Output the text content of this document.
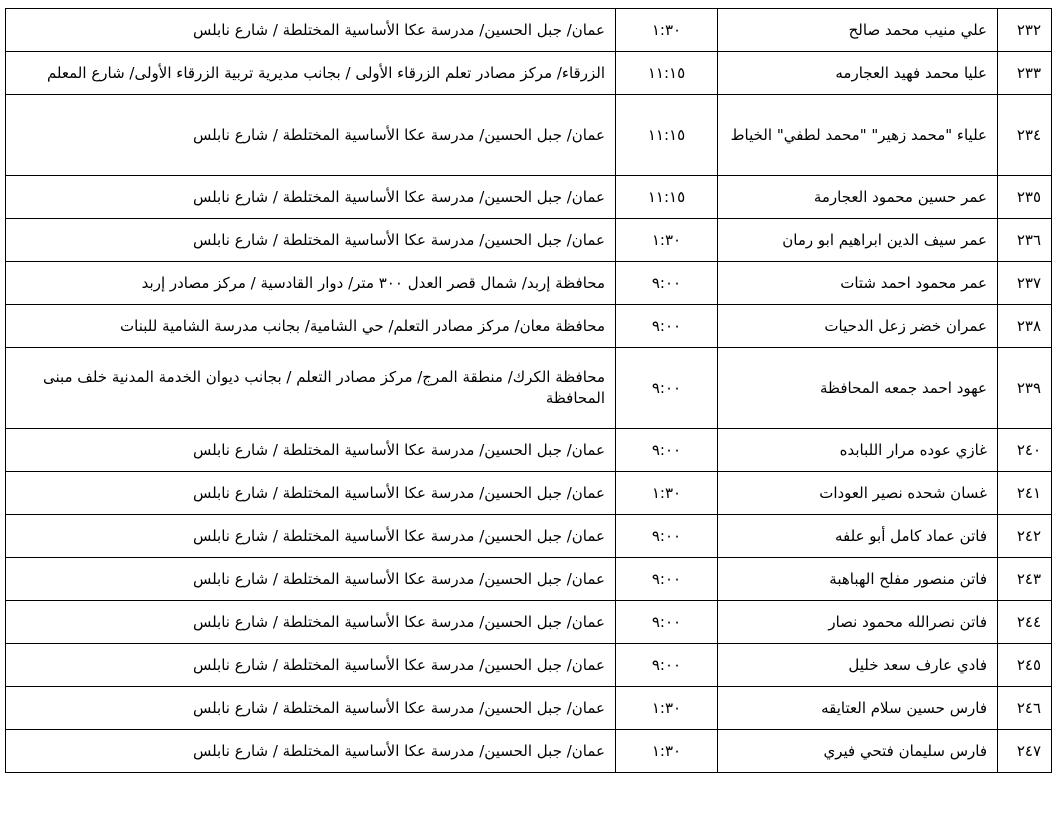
٢٣٢	علي منيب محمد صالح	١:٣٠	عمان/ جبل الحسين/ مدرسة عكا الأساسية المختلطة / شارع نابلس
٢٣٣	عليا محمد فهيد العجارمه	١١:١٥	الزرقاء/ مركز مصادر تعلم الزرقاء الأولى / بجانب مديرية تربية الزرقاء الأولى/ شارع المعلم
٢٣٤	علياء "محمد زهير" "محمد لطفي" الخياط	١١:١٥	عمان/ جبل الحسين/ مدرسة عكا الأساسية المختلطة / شارع نابلس
٢٣٥	عمر حسين محمود العجارمة	١١:١٥	عمان/ جبل الحسين/ مدرسة عكا الأساسية المختلطة / شارع نابلس
٢٣٦	عمر سيف الدين ابراهيم ابو رمان	١:٣٠	عمان/ جبل الحسين/ مدرسة عكا الأساسية المختلطة / شارع نابلس
٢٣٧	عمر محمود احمد شتات	٩:٠٠	محافظة إربد/ شمال قصر العدل ٣٠٠ متر/ دوار القادسية / مركز مصادر إربد
٢٣٨	عمران خضر زعل الدحيات	٩:٠٠	محافظة معان/ مركز مصادر التعلم/ حي الشامية/ بجانب مدرسة الشامية للبنات
٢٣٩	عهود احمد جمعه المحافظة	٩:٠٠	محافظة الكرك/ منطقة المرج/ مركز مصادر التعلم / بجانب ديوان الخدمة المدنية خلف مبنى المحافظة
٢٤٠	غازي عوده مرار اللبابده	٩:٠٠	عمان/ جبل الحسين/ مدرسة عكا الأساسية المختلطة / شارع نابلس
٢٤١	غسان شحده نصير العودات	١:٣٠	عمان/ جبل الحسين/ مدرسة عكا الأساسية المختلطة / شارع نابلس
٢٤٢	فاتن عماد كامل أبو علفه	٩:٠٠	عمان/ جبل الحسين/ مدرسة عكا الأساسية المختلطة / شارع نابلس
٢٤٣	فاتن منصور مفلح الهباهبة	٩:٠٠	عمان/ جبل الحسين/ مدرسة عكا الأساسية المختلطة / شارع نابلس
٢٤٤	فاتن نصرالله محمود نصار	٩:٠٠	عمان/ جبل الحسين/ مدرسة عكا الأساسية المختلطة / شارع نابلس
٢٤٥	فادي عارف سعد خليل	٩:٠٠	عمان/ جبل الحسين/ مدرسة عكا الأساسية المختلطة / شارع نابلس
٢٤٦	فارس حسين سلام العتايقه	١:٣٠	عمان/ جبل الحسين/ مدرسة عكا الأساسية المختلطة / شارع نابلس
٢٤٧	فارس سليمان فتحي فيري	١:٣٠	عمان/ جبل الحسين/ مدرسة عكا الأساسية المختلطة / شارع نابلس
